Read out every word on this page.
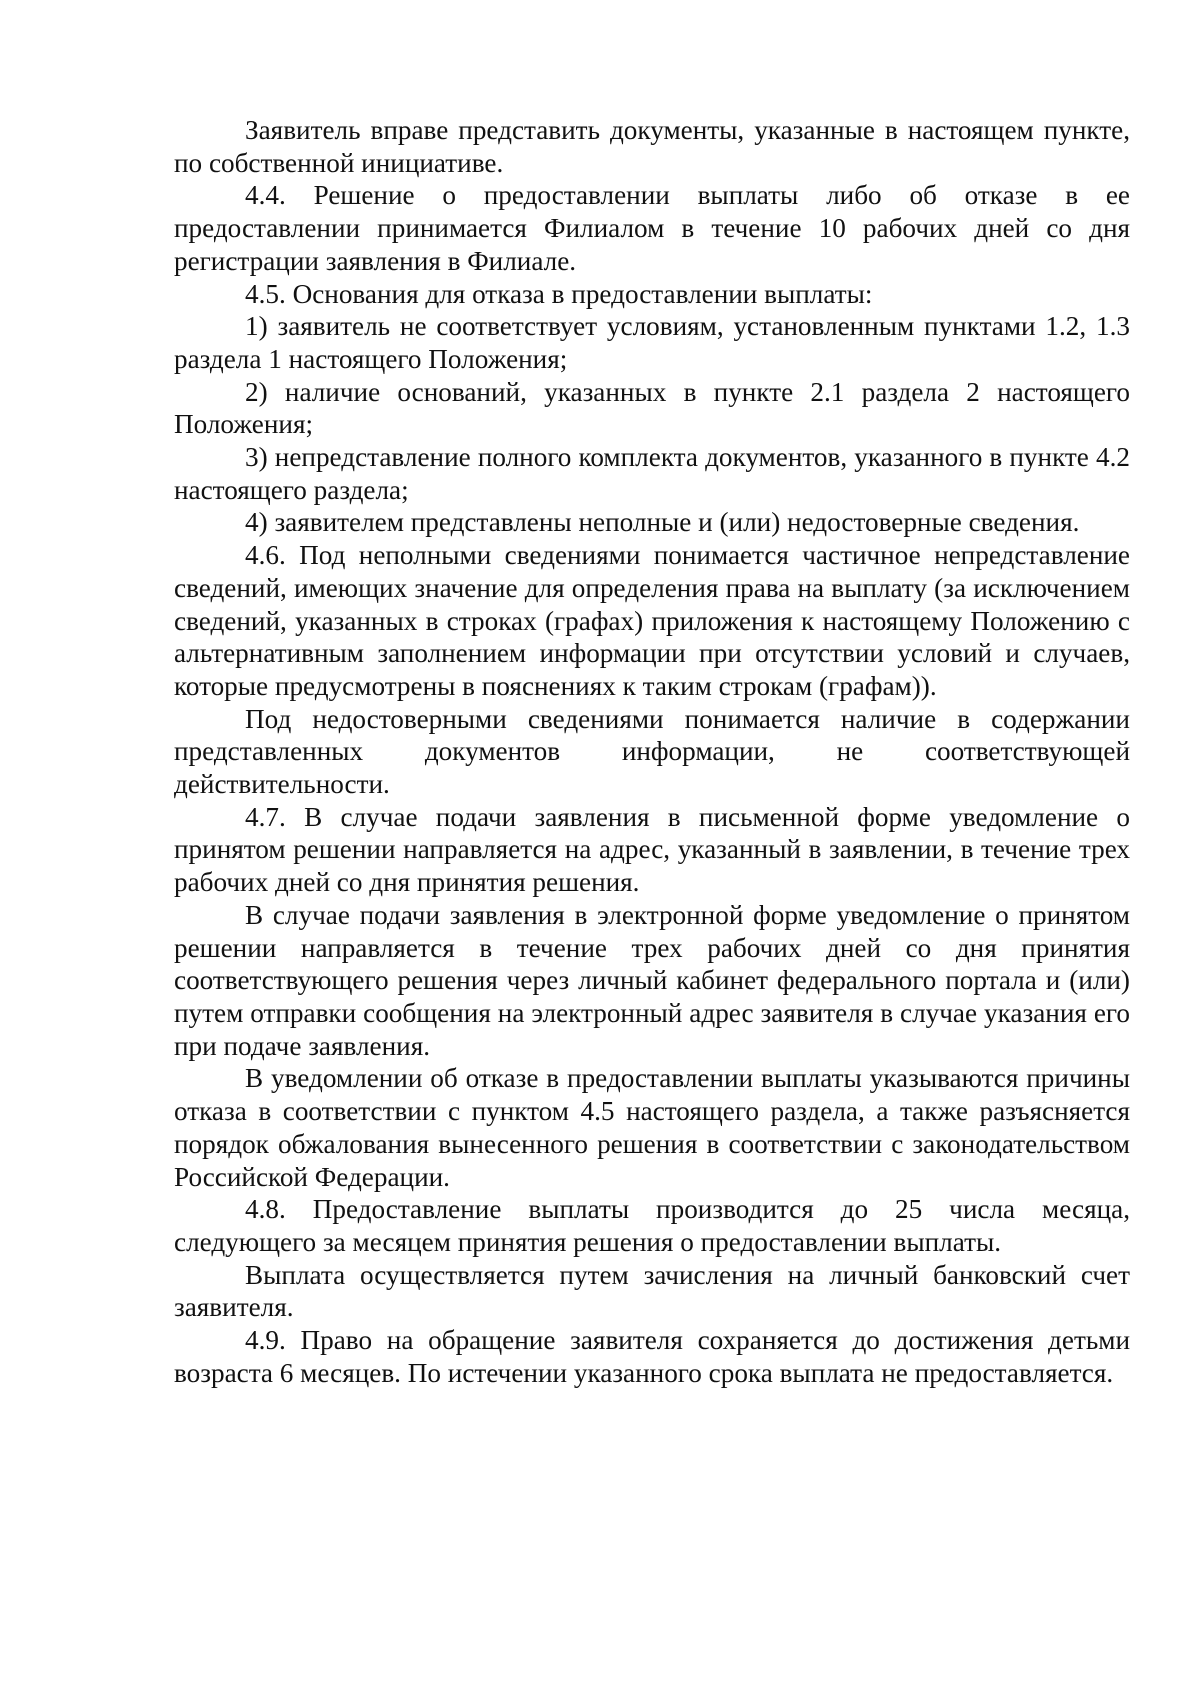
Заявитель вправе представить документы, указанные в настоящем пункте, по собственной инициативе.

4.4. Решение о предоставлении выплаты либо об отказе в ее предоставлении принимается Филиалом в течение 10 рабочих дней со дня регистрации заявления в Филиале.

4.5. Основания для отказа в предоставлении выплаты:

1) заявитель не соответствует условиям, установленным пунктами 1.2, 1.3 раздела 1 настоящего Положения;

2) наличие оснований, указанных в пункте 2.1 раздела 2 настоящего Положения;

3) непредставление полного комплекта документов, указанного в пункте 4.2 настоящего раздела;

4) заявителем представлены неполные и (или) недостоверные сведения.

4.6. Под неполными сведениями понимается частичное непредставление сведений, имеющих значение для определения права на выплату (за исключением сведений, указанных в строках (графах) приложения к настоящему Положению с альтернативным заполнением информации при отсутствии условий и случаев, которые предусмотрены в пояснениях к таким строкам (графам)).

Под недостоверными сведениями понимается наличие в содержании представленных документов информации, не соответствующей действительности.

4.7. В случае подачи заявления в письменной форме уведомление о принятом решении направляется на адрес, указанный в заявлении, в течение трех рабочих дней со дня принятия решения.

В случае подачи заявления в электронной форме уведомление о принятом решении направляется в течение трех рабочих дней со дня принятия соответствующего решения через личный кабинет федерального портала и (или) путем отправки сообщения на электронный адрес заявителя в случае указания его при подаче заявления.

В уведомлении об отказе в предоставлении выплаты указываются причины отказа в соответствии с пунктом 4.5 настоящего раздела, а также разъясняется порядок обжалования вынесенного решения в соответствии с законодательством Российской Федерации.

4.8. Предоставление выплаты производится до 25 числа месяца, следующего за месяцем принятия решения о предоставлении выплаты.

Выплата осуществляется путем зачисления на личный банковский счет заявителя.

4.9. Право на обращение заявителя сохраняется до достижения детьми возраста 6 месяцев. По истечении указанного срока выплата не предоставляется.
